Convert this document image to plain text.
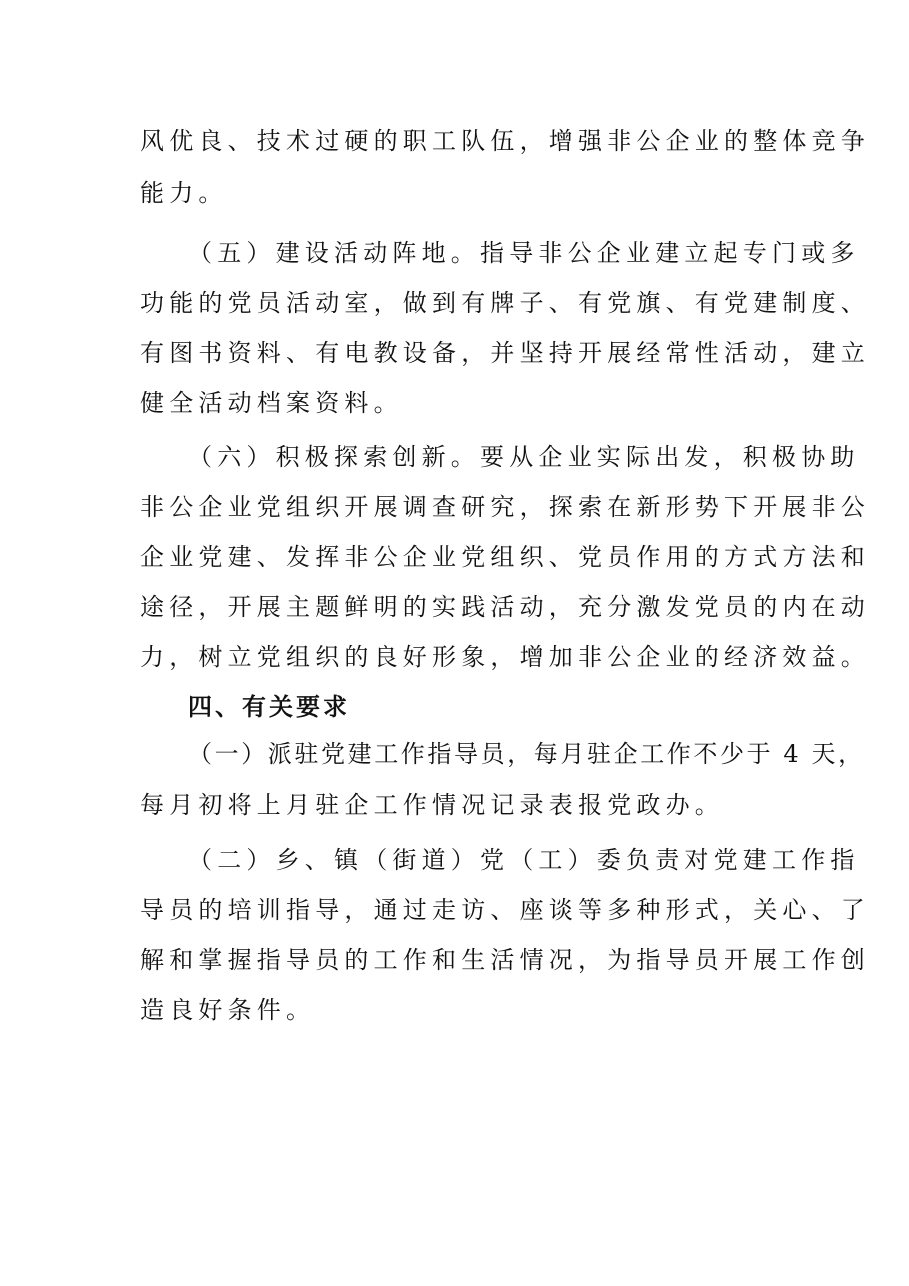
风优良、技术过硬的职工队伍，增强非公企业的整体竞争
能力。
（五）建设活动阵地。指导非公企业建立起专门或多
功能的党员活动室，做到有牌子、有党旗、有党建制度、
有图书资料、有电教设备，并坚持开展经常性活动，建立
健全活动档案资料。
（六）积极探索创新。要从企业实际出发，积极协助
非公企业党组织开展调查研究，探索在新形势下开展非公
企业党建、发挥非公企业党组织、党员作用的方式方法和
途径，开展主题鲜明的实践活动，充分激发党员的内在动
力，树立党组织的良好形象，增加非公企业的经济效益。
四、有关要求
（一）派驻党建工作指导员，每月驻企工作不少于 4 天，
每月初将上月驻企工作情况记录表报党政办。
（二）乡、镇（街道）党（工）委负责对党建工作指
导员的培训指导，通过走访、座谈等多种形式，关心、了
解和掌握指导员的工作和生活情况，为指导员开展工作创
造良好条件。
